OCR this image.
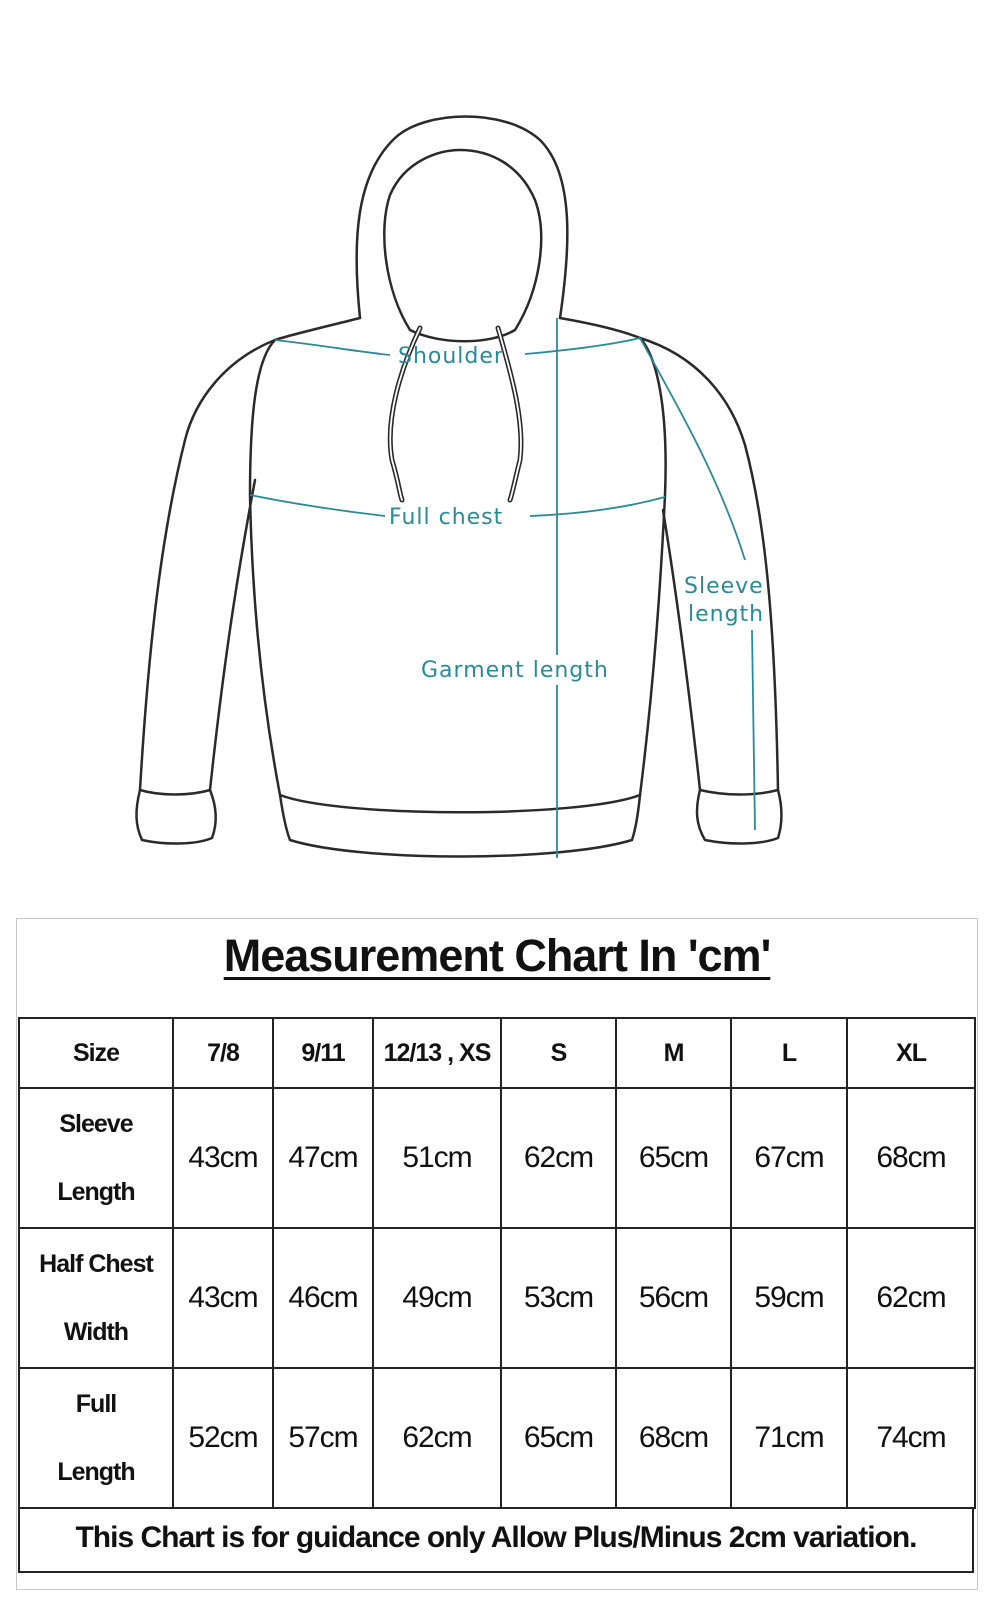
Shoulder
Full chest
Sleeve
length
Garment length
Measurement Chart In 'cm'
Size	7/8	9/11	12/13 , XS	S	M	L	XL

Sleeve
Length	43cm	47cm	51cm	62cm	65cm	67cm	68cm

Half Chest
Width	43cm	46cm	49cm	53cm	56cm	59cm	62cm

Full
Length	52cm	57cm	62cm	65cm	68cm	71cm	74cm
This Chart is for guidance only Allow Plus/Minus 2cm variation.
